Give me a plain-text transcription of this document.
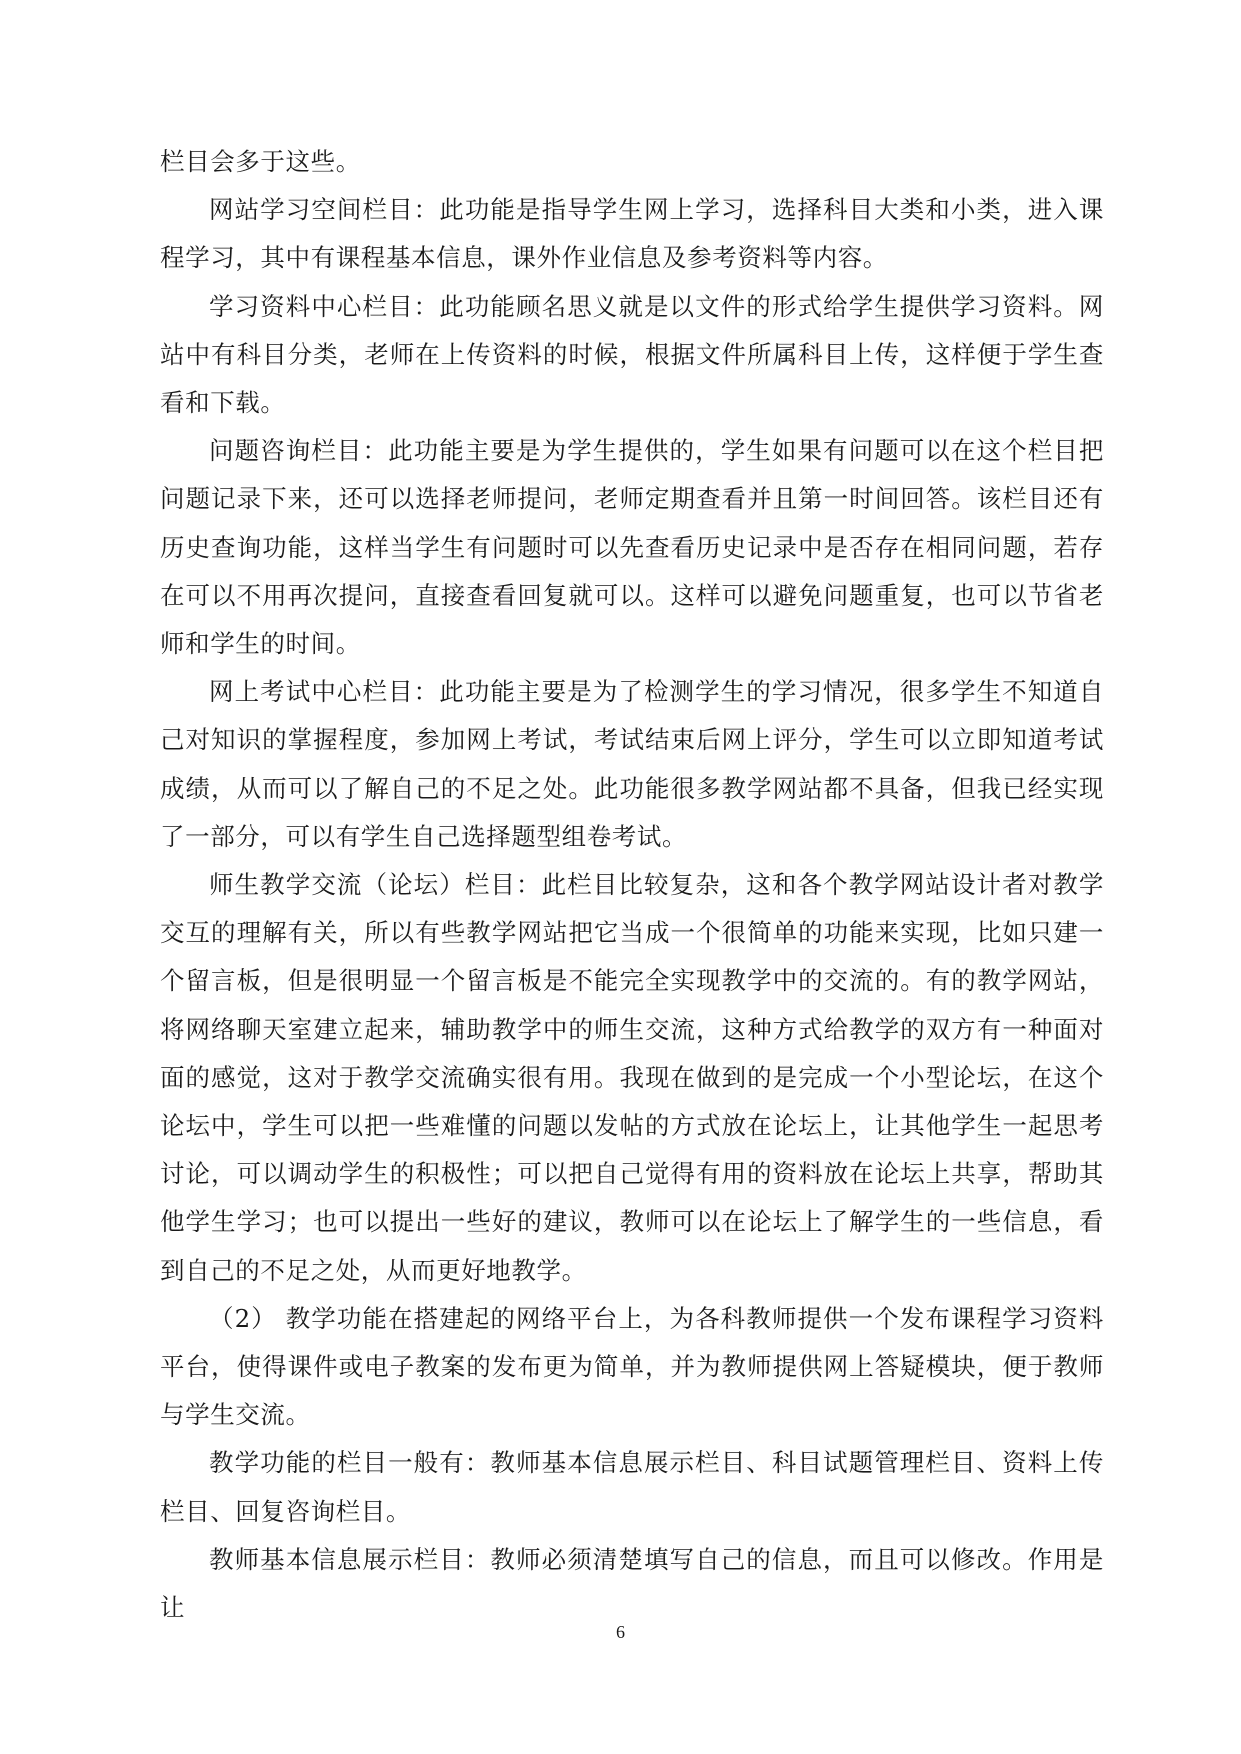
栏目会多于这些。

网站学习空间栏目：此功能是指导学生网上学习，选择科目大类和小类，进入课程学习，其中有课程基本信息，课外作业信息及参考资料等内容。

学习资料中心栏目：此功能顾名思义就是以文件的形式给学生提供学习资料。网站中有科目分类，老师在上传资料的时候，根据文件所属科目上传，这样便于学生查看和下载。

问题咨询栏目：此功能主要是为学生提供的，学生如果有问题可以在这个栏目把问题记录下来，还可以选择老师提问，老师定期查看并且第一时间回答。该栏目还有历史查询功能，这样当学生有问题时可以先查看历史记录中是否存在相同问题，若存在可以不用再次提问，直接查看回复就可以。这样可以避免问题重复，也可以节省老师和学生的时间。

网上考试中心栏目：此功能主要是为了检测学生的学习情况，很多学生不知道自己对知识的掌握程度，参加网上考试，考试结束后网上评分，学生可以立即知道考试成绩，从而可以了解自己的不足之处。此功能很多教学网站都不具备，但我已经实现了一部分，可以有学生自己选择题型组卷考试。

师生教学交流（论坛）栏目：此栏目比较复杂，这和各个教学网站设计者对教学交互的理解有关，所以有些教学网站把它当成一个很简单的功能来实现，比如只建一个留言板，但是很明显一个留言板是不能完全实现教学中的交流的。有的教学网站，将网络聊天室建立起来，辅助教学中的师生交流，这种方式给教学的双方有一种面对面的感觉，这对于教学交流确实很有用。我现在做到的是完成一个小型论坛，在这个论坛中，学生可以把一些难懂的问题以发帖的方式放在论坛上，让其他学生一起思考讨论，可以调动学生的积极性；可以把自己觉得有用的资料放在论坛上共享，帮助其他学生学习；也可以提出一些好的建议，教师可以在论坛上了解学生的一些信息，看到自己的不足之处，从而更好地教学。

（2） 教学功能在搭建起的网络平台上，为各科教师提供一个发布课程学习资料平台，使得课件或电子教案的发布更为简单，并为教师提供网上答疑模块，便于教师与学生交流。

教学功能的栏目一般有：教师基本信息展示栏目、科目试题管理栏目、资料上传栏目、回复咨询栏目。

教师基本信息展示栏目：教师必须清楚填写自己的信息，而且可以修改。作用是让

6
